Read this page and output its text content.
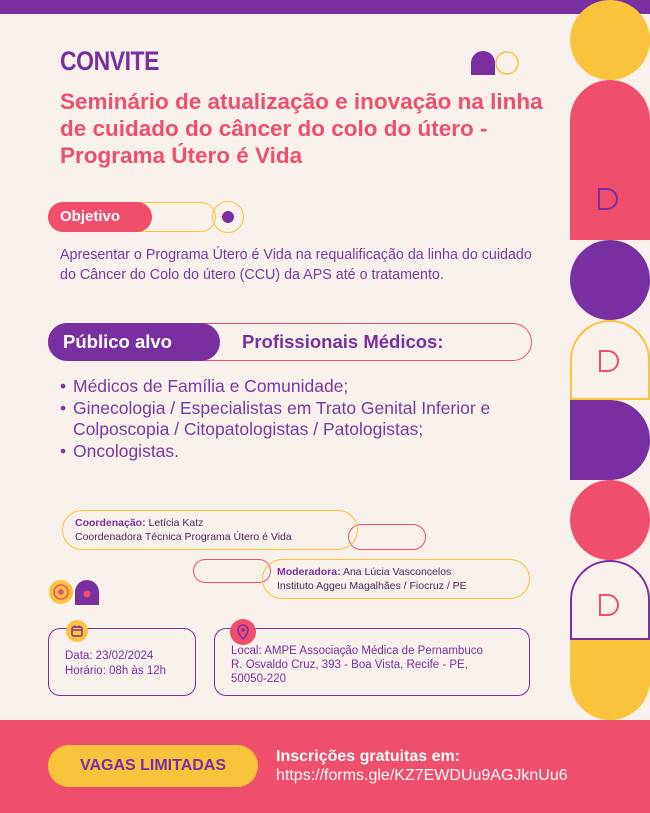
CONVITE
Seminário de atualização e inovação na linha de cuidado do câncer do colo do útero - Programa Útero é Vida
Objetivo
Apresentar o Programa Útero é Vida na requalificação da linha do cuidado do Câncer do Colo do útero (CCU) da APS até o tratamento.
Público alvo	Profissionais Médicos:
• Médicos de Família e Comunidade;
• Ginecologia / Especialistas em Trato Genital Inferior e Colposcopia / Citopatologistas / Patologistas;
• Oncologistas.
Coordenação: Letícia Katz
Coordenadora Técnica Programa Útero é Vida
Moderadora: Ana Lúcia Vasconcelos
Instituto Aggeu Magalhães / Fiocruz / PE
Data: 23/02/2024
Horário: 08h às 12h
Local: AMPE Associação Médica de Pernambuco
R. Osvaldo Cruz, 393 - Boa Vista, Recife - PE,
50050-220
VAGAS LIMITADAS
Inscrições gratuitas em:
https://forms.gle/KZ7EWDUu9AGJknUu6
